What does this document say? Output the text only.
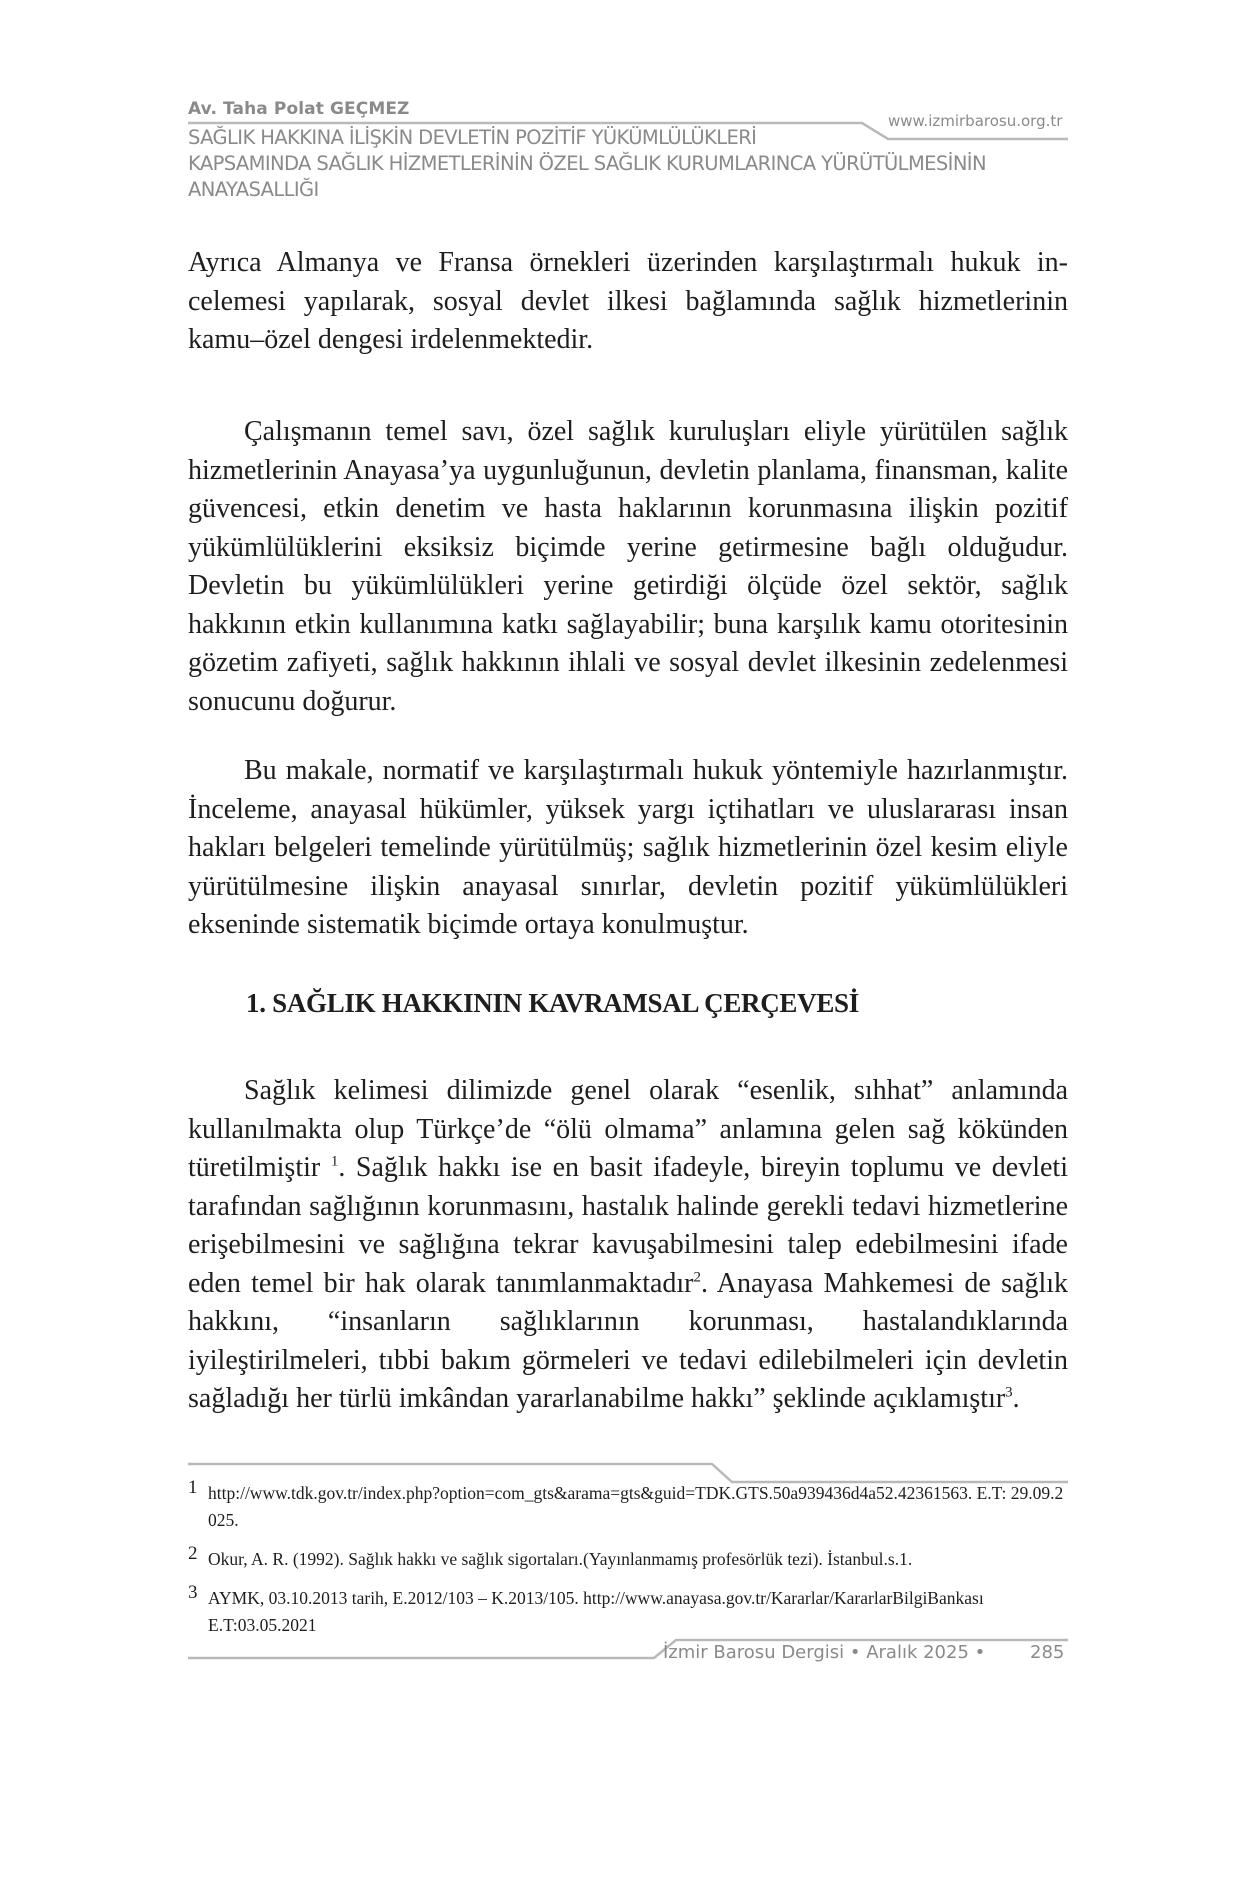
Av. Taha Polat GEÇMEZ
www.izmirbarosu.org.tr
SAĞLIK HAKKINA İLİŞKİN DEVLETİN POZİTİF YÜKÜMLÜLÜKLERİ
KAPSAMINDA SAĞLIK HİZMETLERİNİN ÖZEL SAĞLIK KURUMLARINCA YÜRÜTÜLMESİNİN
ANAYASALLIĞI

Ayrıca Almanya ve Fransa örnekleri üzerinden karşılaştırmalı hukuk incelemesi yapılarak, sosyal devlet ilkesi bağlamında sağlık hizmetlerinin kamu–özel dengesi irdelenmektedir.

Çalışmanın temel savı, özel sağlık kuruluşları eliyle yürütülen sağlık hizmetlerinin Anayasa’ya uygunluğunun, devletin planlama, finansman, kalite güvencesi, etkin denetim ve hasta haklarının korunmasına ilişkin pozitif yükümlülüklerini eksiksiz biçimde yerine getirmesine bağlı olduğudur. Devletin bu yükümlülükleri yerine getirdiği ölçüde özel sektör, sağlık hakkının etkin kullanımına katkı sağlayabilir; buna karşılık kamu otoritesinin gözetim zafiyeti, sağlık hakkının ihlali ve sosyal devlet ilkesinin zedelenmesi sonucunu doğurur.

Bu makale, normatif ve karşılaştırmalı hukuk yöntemiyle hazırlanmıştır. İnceleme, anayasal hükümler, yüksek yargı içtihatları ve uluslararası insan hakları belgeleri temelinde yürütülmüş; sağlık hizmetlerinin özel kesim eliyle yürütülmesine ilişkin anayasal sınırlar, devletin pozitif yükümlülükleri ekseninde sistematik biçimde ortaya konulmuştur.

1. SAĞLIK HAKKININ KAVRAMSAL ÇERÇEVESİ

Sağlık kelimesi dilimizde genel olarak “esenlik, sıhhat” anlamında kullanılmakta olup Türkçe’de “ölü olmama” anlamına gelen sağ kökünden türetilmiştir $^1$. Sağlık hakkı ise en basit ifadeyle, bireyin toplumu ve devleti tarafından sağlığının korunmasını, hastalık halinde gerekli tedavi hizmetlerine erişebilmesini ve sağlığına tekrar kavuşabilmesini talep edebilmesini ifade eden temel bir hak olarak tanımlanmaktadır$^2$. Anayasa Mahkemesi de sağlık hakkını, “insanların sağlıklarının korunması, hastalandıklarında iyileştirilmeleri, tıbbi bakım görmeleri ve tedavi edilebilmeleri için devletin sağladığı her türlü imkândan yararlanabilme hakkı” şeklinde açıklamıştır$^3$.

1 http://www.tdk.gov.tr/index.php?option=com_gts&arama=gts&guid=TDK.GTS.50a939436d4a52.42361563. E.T: 29.09.2025.
2 Okur, A. R. (1992). Sağlık hakkı ve sağlık sigortaları.(Yayınlanmamış profesörlük tezi). İstanbul.s.1.
3 AYMK, 03.10.2013 tarih, E.2012/103 – K.2013/105. http://www.anayasa.gov.tr/Kararlar/KararlarBilgiBankası E.T:03.05.2021
İzmir Barosu Dergisi • Aralık 2025 • 285
